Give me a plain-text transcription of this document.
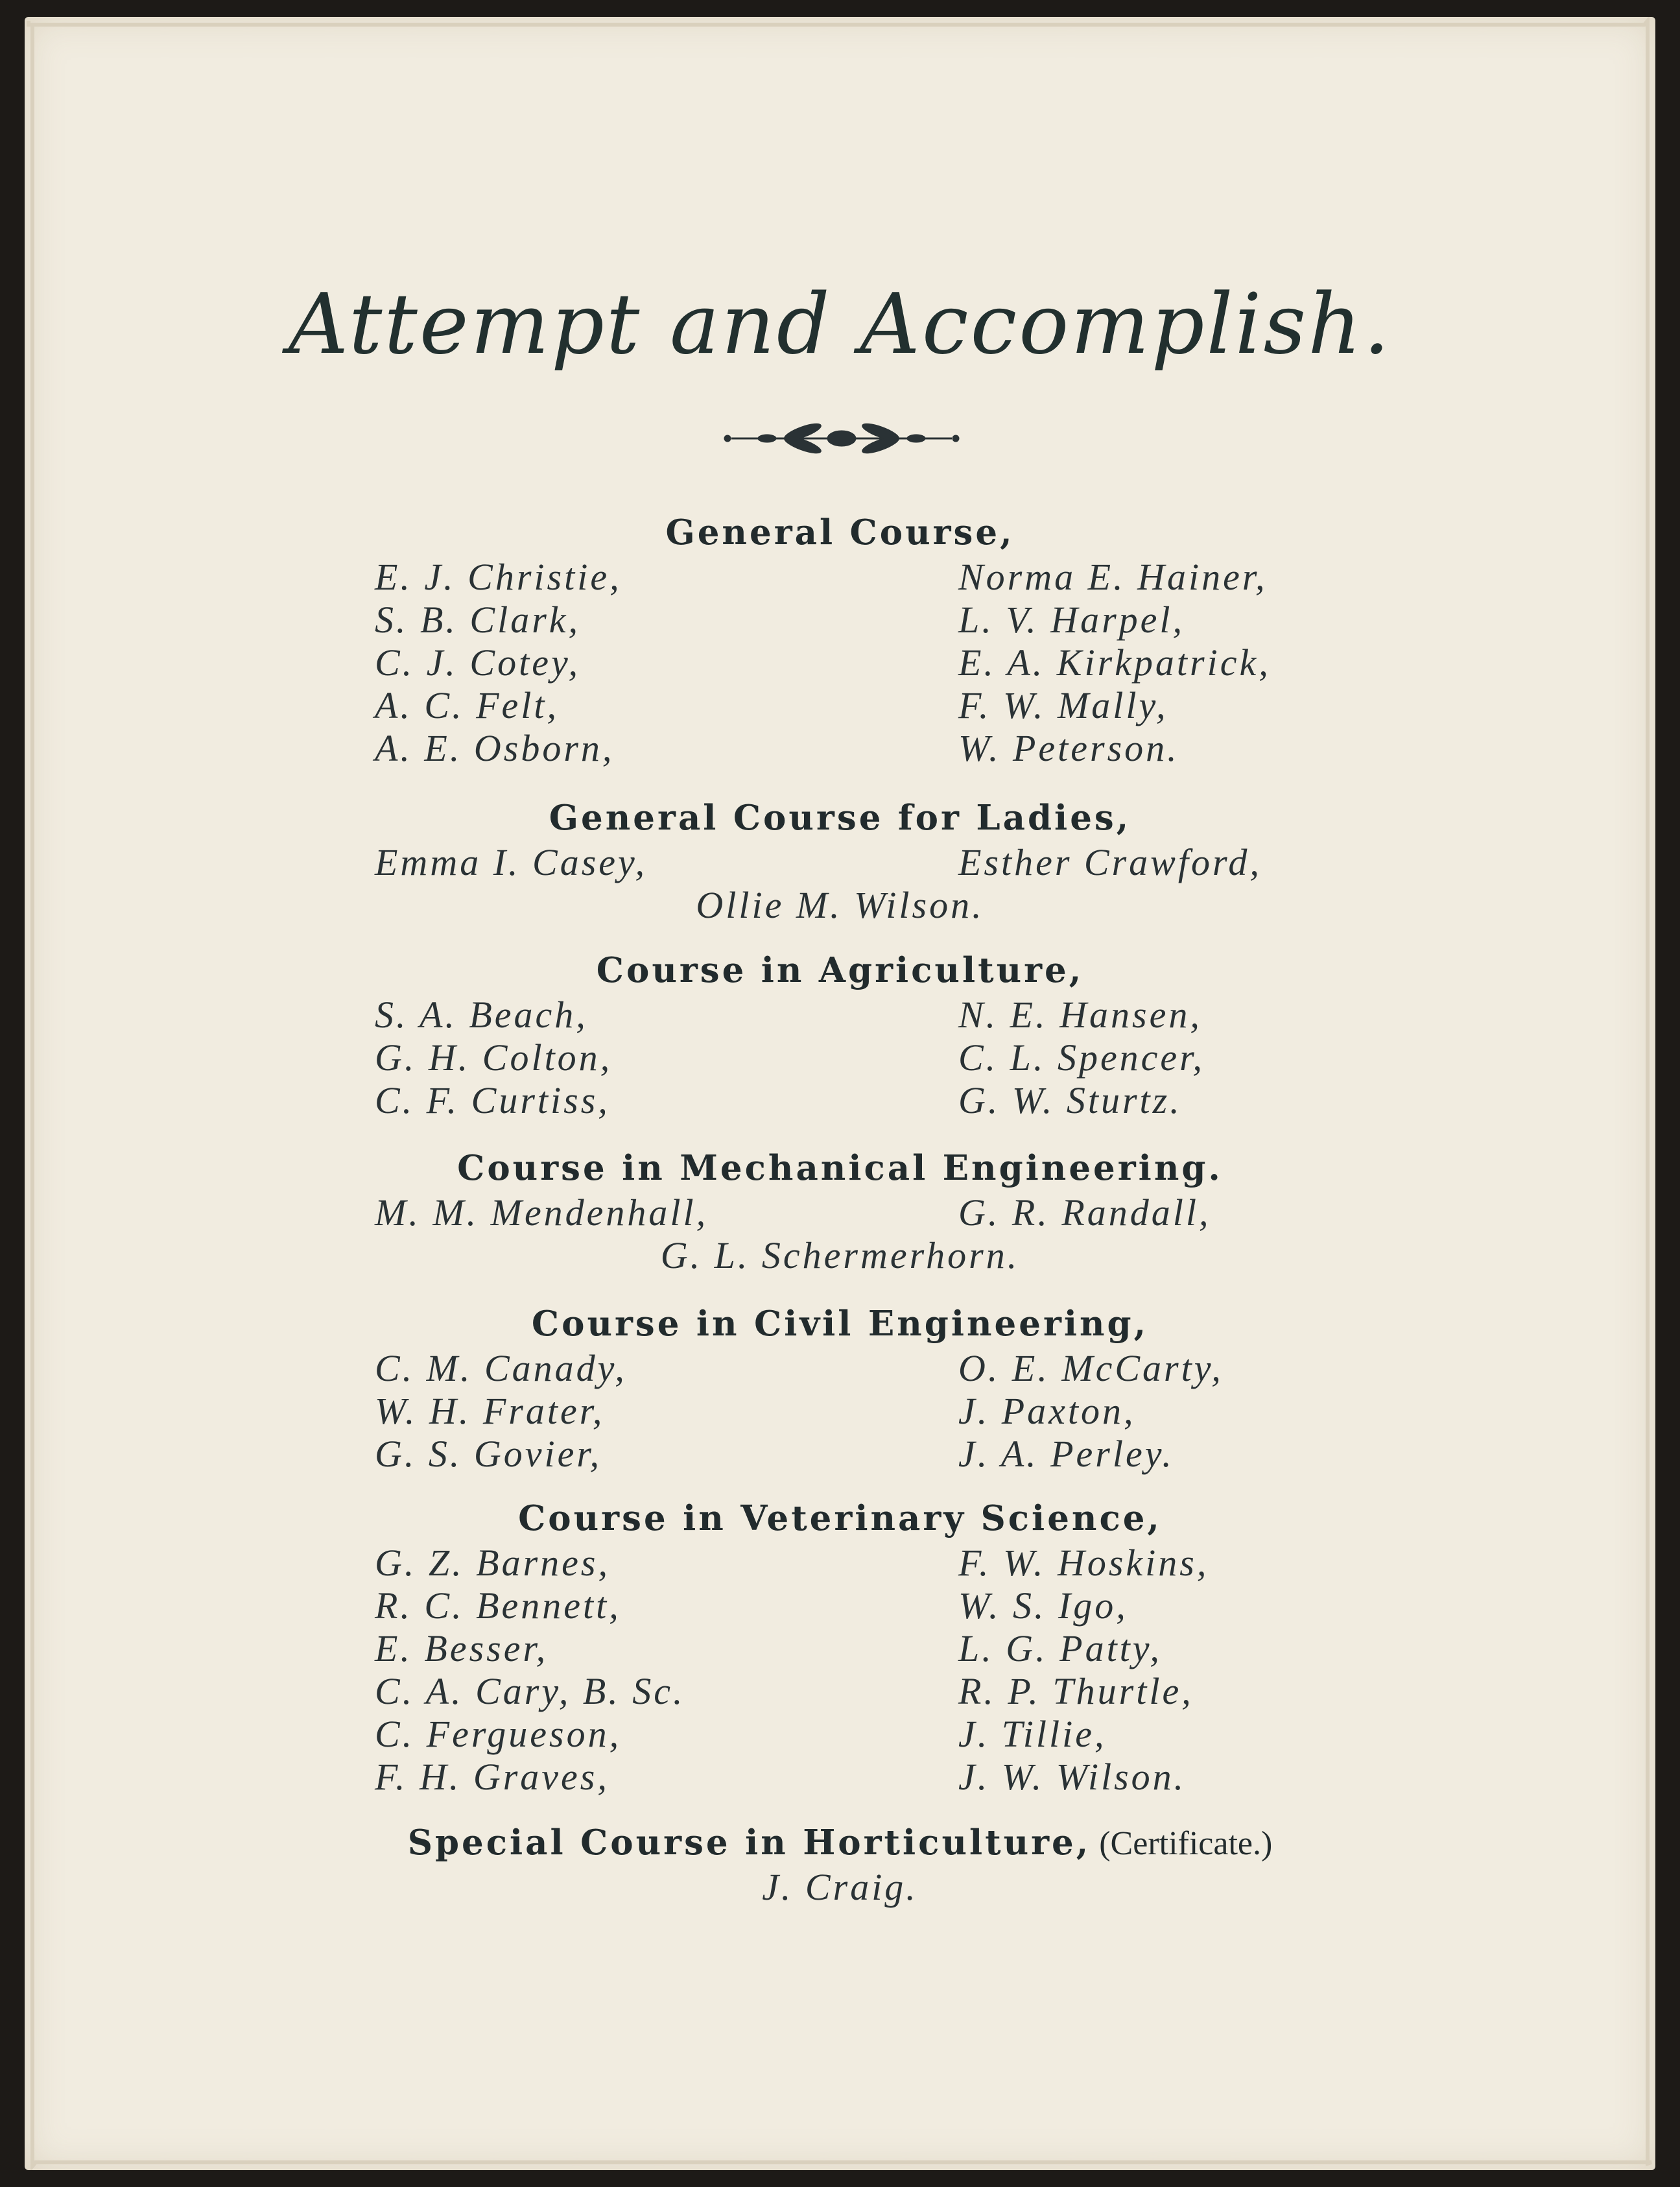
Attempt and Accomplish.
General Course,
E. J. Christie,
S. B. Clark,
C. J. Cotey,
A. C. Felt,
A. E. Osborn,
Norma E. Hainer,
L. V. Harpel,
E. A. Kirkpatrick,
F. W. Mally,
W. Peterson.
General Course for Ladies,
Emma I. Casey,	Esther Crawford,
Ollie M. Wilson.
Course in Agriculture,
S. A. Beach,
G. H. Colton,
C. F. Curtiss,
N. E. Hansen,
C. L. Spencer,
G. W. Sturtz.
Course in Mechanical Engineering.
M. M. Mendenhall,	G. R. Randall,
G. L. Schermerhorn.
Course in Civil Engineering,
C. M. Canady,
W. H. Frater,
G. S. Govier,
O. E. McCarty,
J. Paxton,
J. A. Perley.
Course in Veterinary Science,
G. Z. Barnes,
R. C. Bennett,
E. Besser,
C. A. Cary, B. Sc.
C. Fergueson,
F. H. Graves,
F. W. Hoskins,
W. S. Igo,
L. G. Patty,
R. P. Thurtle,
J. Tillie,
J. W. Wilson.
Special Course in Horticulture, (Certificate.)
J. Craig.
